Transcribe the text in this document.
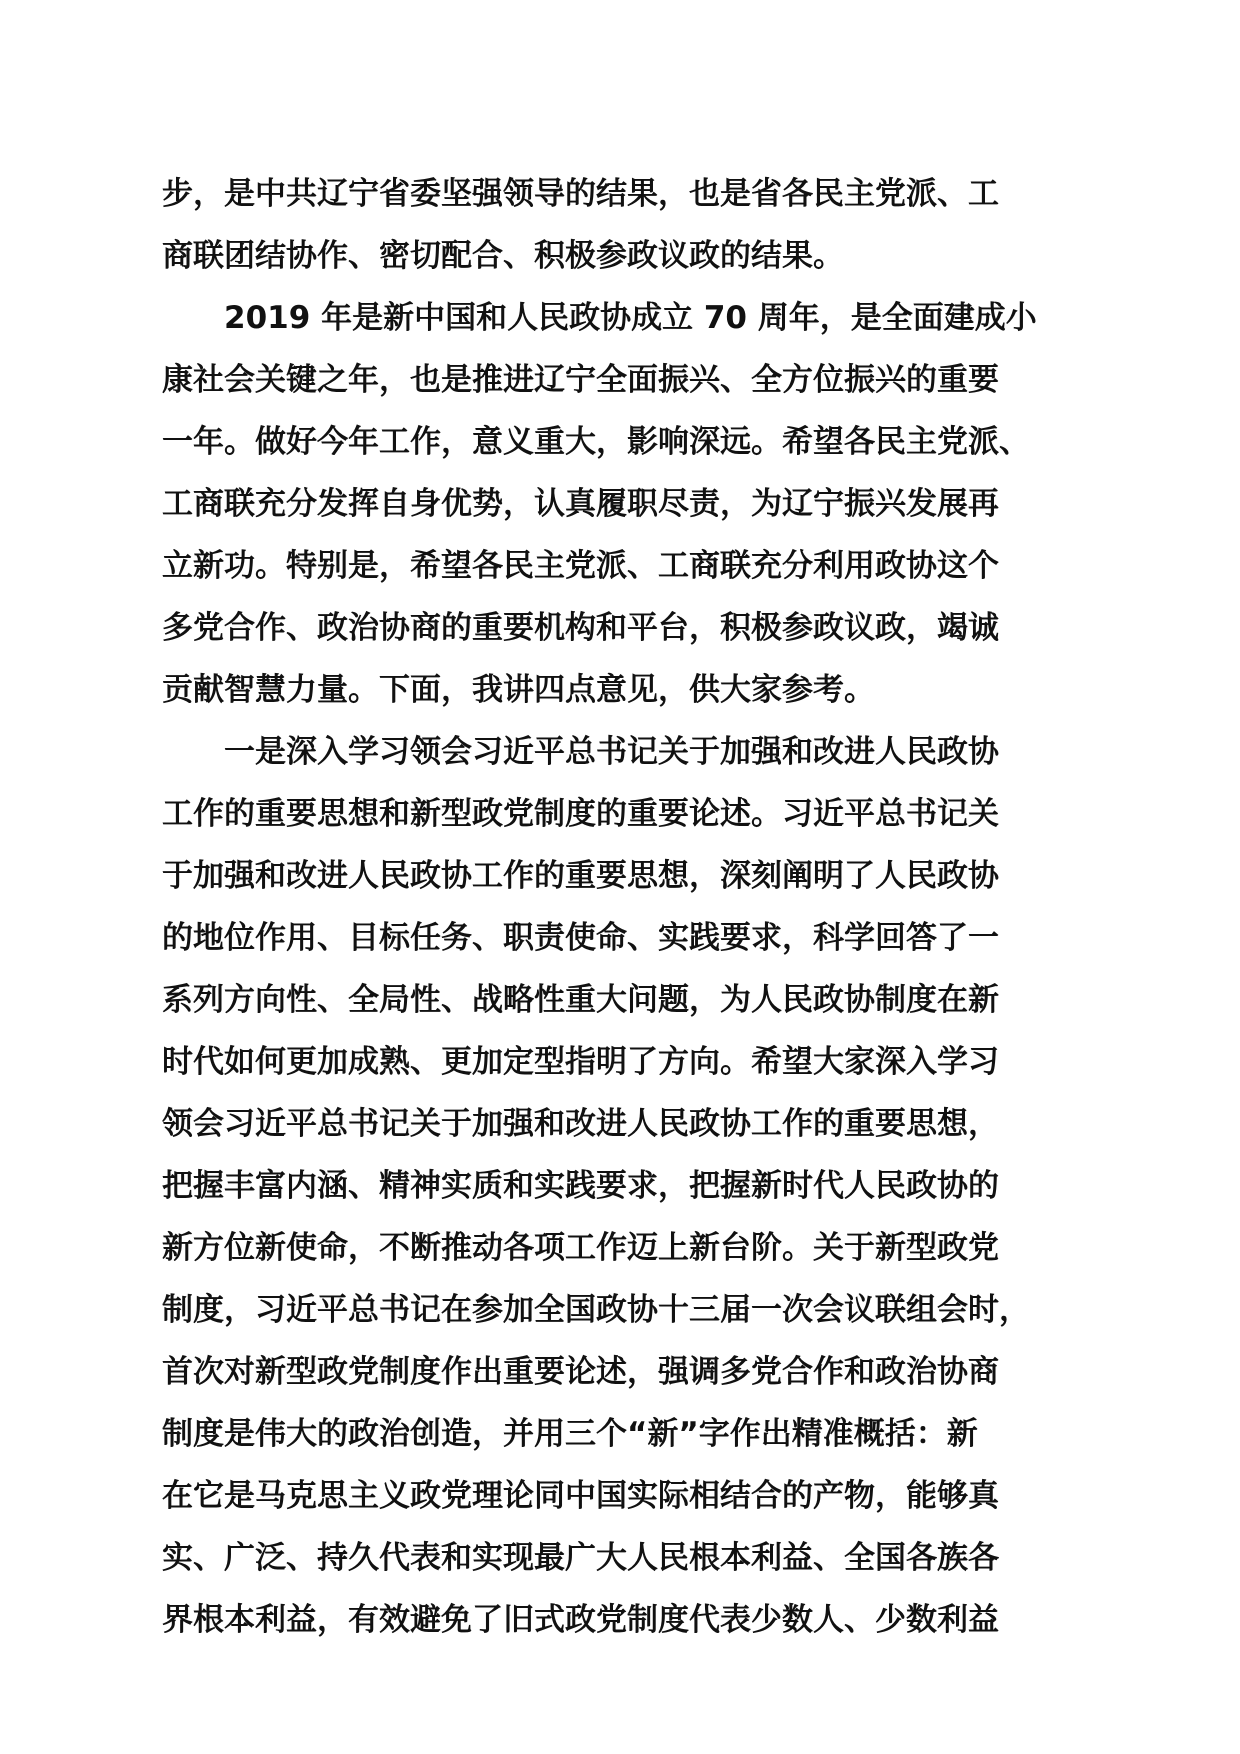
步，是中共辽宁省委坚强领导的结果，也是省各民主党派、工
商联团结协作、密切配合、积极参政议政的结果。
2019 年是新中国和人民政协成立 70 周年，是全面建成小
康社会关键之年，也是推进辽宁全面振兴、全方位振兴的重要
一年。做好今年工作，意义重大，影响深远。希望各民主党派、
工商联充分发挥自身优势，认真履职尽责，为辽宁振兴发展再
立新功。特别是，希望各民主党派、工商联充分利用政协这个
多党合作、政治协商的重要机构和平台，积极参政议政，竭诚
贡献智慧力量。下面，我讲四点意见，供大家参考。
一是深入学习领会习近平总书记关于加强和改进人民政协
工作的重要思想和新型政党制度的重要论述。习近平总书记关
于加强和改进人民政协工作的重要思想，深刻阐明了人民政协
的地位作用、目标任务、职责使命、实践要求，科学回答了一
系列方向性、全局性、战略性重大问题，为人民政协制度在新
时代如何更加成熟、更加定型指明了方向。希望大家深入学习
领会习近平总书记关于加强和改进人民政协工作的重要思想，
把握丰富内涵、精神实质和实践要求，把握新时代人民政协的
新方位新使命，不断推动各项工作迈上新台阶。关于新型政党
制度，习近平总书记在参加全国政协十三届一次会议联组会时，
首次对新型政党制度作出重要论述，强调多党合作和政治协商
制度是伟大的政治创造，并用三个“新”字作出精准概括：新
在它是马克思主义政党理论同中国实际相结合的产物，能够真
实、广泛、持久代表和实现最广大人民根本利益、全国各族各
界根本利益，有效避免了旧式政党制度代表少数人、少数利益
